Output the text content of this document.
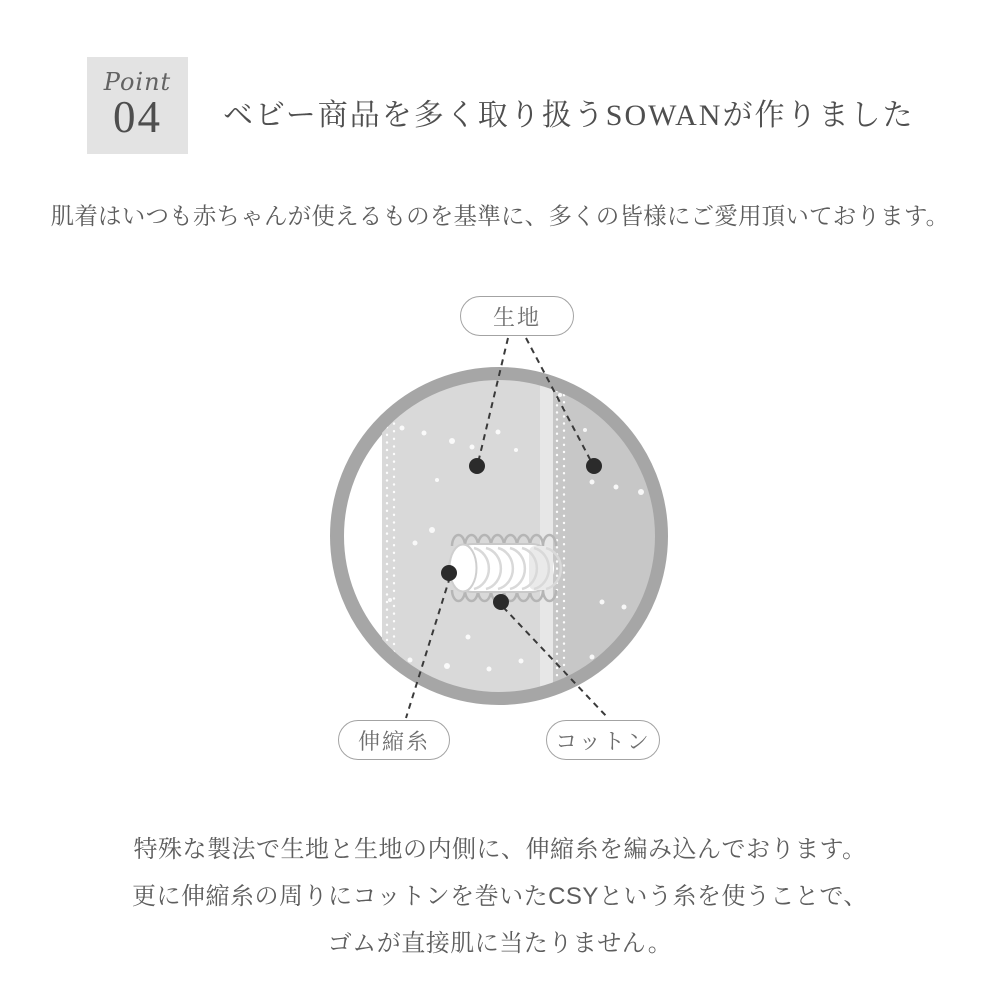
Point
04 ベビー商品を多く取り扱うSOWANが作りました
肌着はいつも赤ちゃんが使えるものを基準に、多くの皆様にご愛用頂いております。
生地
伸縮糸	コットン
特殊な製法で生地と生地の内側に、伸縮糸を編み込んでおります。
更に伸縮糸の周りにコットンを巻いたCSYという糸を使うことで、
ゴムが直接肌に当たりません。
